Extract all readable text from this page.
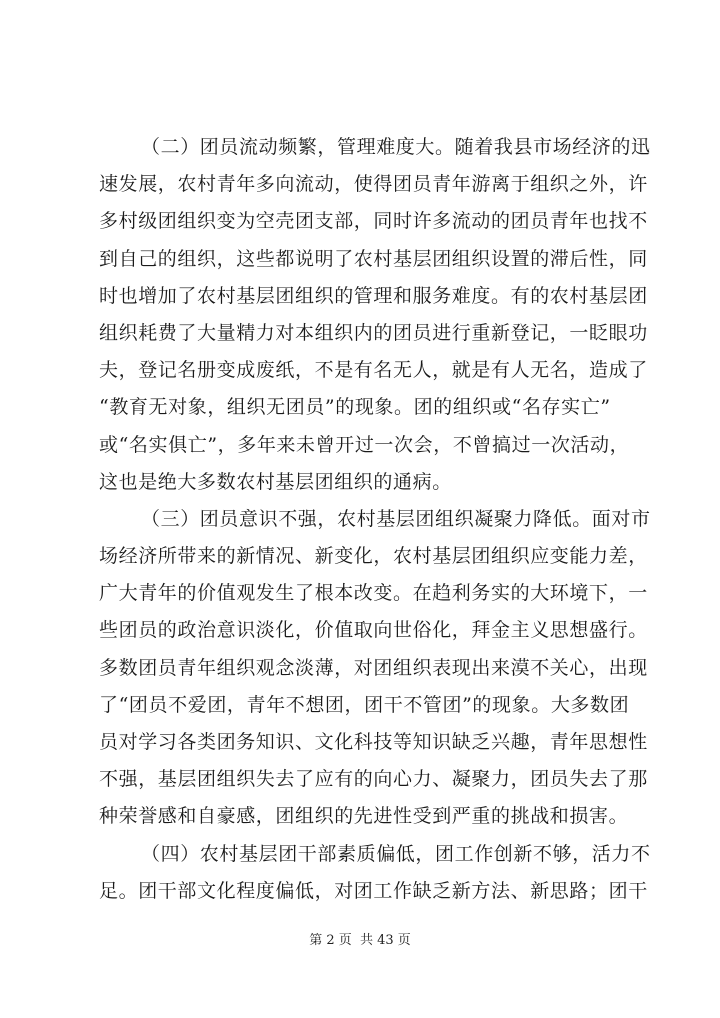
（二）团员流动频繁，管理难度大。随着我县市场经济的迅
速发展，农村青年多向流动，使得团员青年游离于组织之外，许
多村级团组织变为空壳团支部，同时许多流动的团员青年也找不
到自己的组织，这些都说明了农村基层团组织设置的滞后性，同
时也增加了农村基层团组织的管理和服务难度。有的农村基层团
组织耗费了大量精力对本组织内的团员进行重新登记，一眨眼功
夫，登记名册变成废纸，不是有名无人，就是有人无名，造成了
“教育无对象，组织无团员”的现象。团的组织或“名存实亡”
或“名实俱亡”，多年来未曾开过一次会，不曾搞过一次活动，
这也是绝大多数农村基层团组织的通病。
（三）团员意识不强，农村基层团组织凝聚力降低。面对市
场经济所带来的新情况、新变化，农村基层团组织应变能力差，
广大青年的价值观发生了根本改变。在趋利务实的大环境下，一
些团员的政治意识淡化，价值取向世俗化，拜金主义思想盛行。
多数团员青年组织观念淡薄，对团组织表现出来漠不关心，出现
了“团员不爱团，青年不想团，团干不管团”的现象。大多数团
员对学习各类团务知识、文化科技等知识缺乏兴趣，青年思想性
不强，基层团组织失去了应有的向心力、凝聚力，团员失去了那
种荣誉感和自豪感，团组织的先进性受到严重的挑战和损害。
（四）农村基层团干部素质偏低，团工作创新不够，活力不
足。团干部文化程度偏低，对团工作缺乏新方法、新思路；团干
第 2 页  共 43 页
